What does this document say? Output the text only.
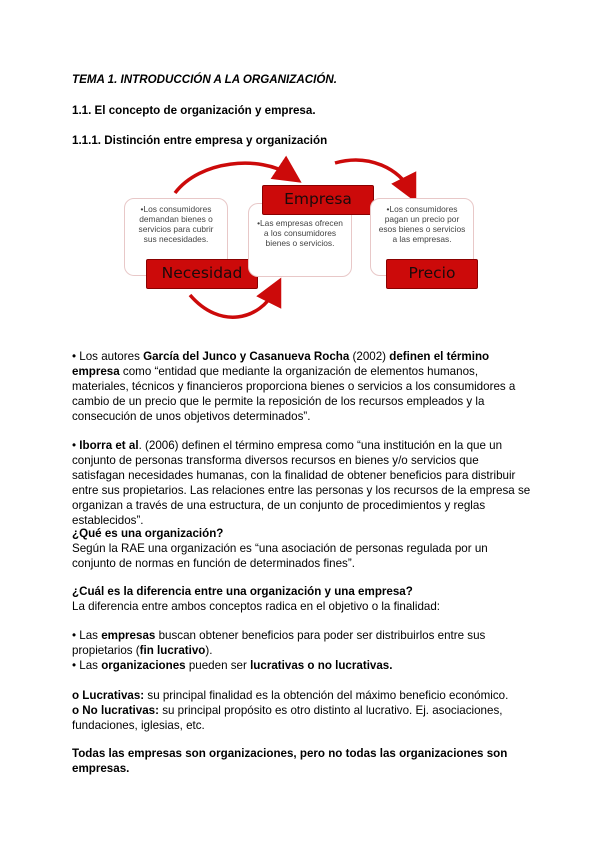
TEMA 1. INTRODUCCIÓN A LA ORGANIZACIÓN.
1.1. El concepto de organización y empresa.
1.1.1. Distinción entre empresa y organización
•Los consumidores demandan bienes o servicios para cubrir sus necesidades.
Necesidad
•Las empresas ofrecen a los consumidores bienes o servicios.
Empresa
•Los consumidores pagan un precio por esos bienes o servicios a las empresas.
Precio
• Los autores García del Junco y Casanueva Rocha (2002) definen el término empresa como “entidad que mediante la organización de elementos humanos, materiales, técnicos y financieros proporciona bienes o servicios a los consumidores a cambio de un precio que le permite la reposición de los recursos empleados y la consecución de unos objetivos determinados”.
• Iborra et al. (2006) definen el término empresa como “una institución en la que un conjunto de personas transforma diversos recursos en bienes y/o servicios que satisfagan necesidades humanas, con la finalidad de obtener beneficios para distribuir entre sus propietarios. Las relaciones entre las personas y los recursos de la empresa se organizan a través de una estructura, de un conjunto de procedimientos y reglas establecidos”.
¿Qué es una organización?
Según la RAE una organización es “una asociación de personas regulada por un conjunto de normas en función de determinados fines”.
¿Cuál es la diferencia entre una organización y una empresa?
La diferencia entre ambos conceptos radica en el objetivo o la finalidad:
• Las empresas buscan obtener beneficios para poder ser distribuirlos entre sus propietarios (fin lucrativo).
• Las organizaciones pueden ser lucrativas o no lucrativas.
o Lucrativas: su principal finalidad es la obtención del máximo beneficio económico.
o No lucrativas: su principal propósito es otro distinto al lucrativo. Ej. asociaciones, fundaciones, iglesias, etc.
Todas las empresas son organizaciones, pero no todas las organizaciones son empresas.
